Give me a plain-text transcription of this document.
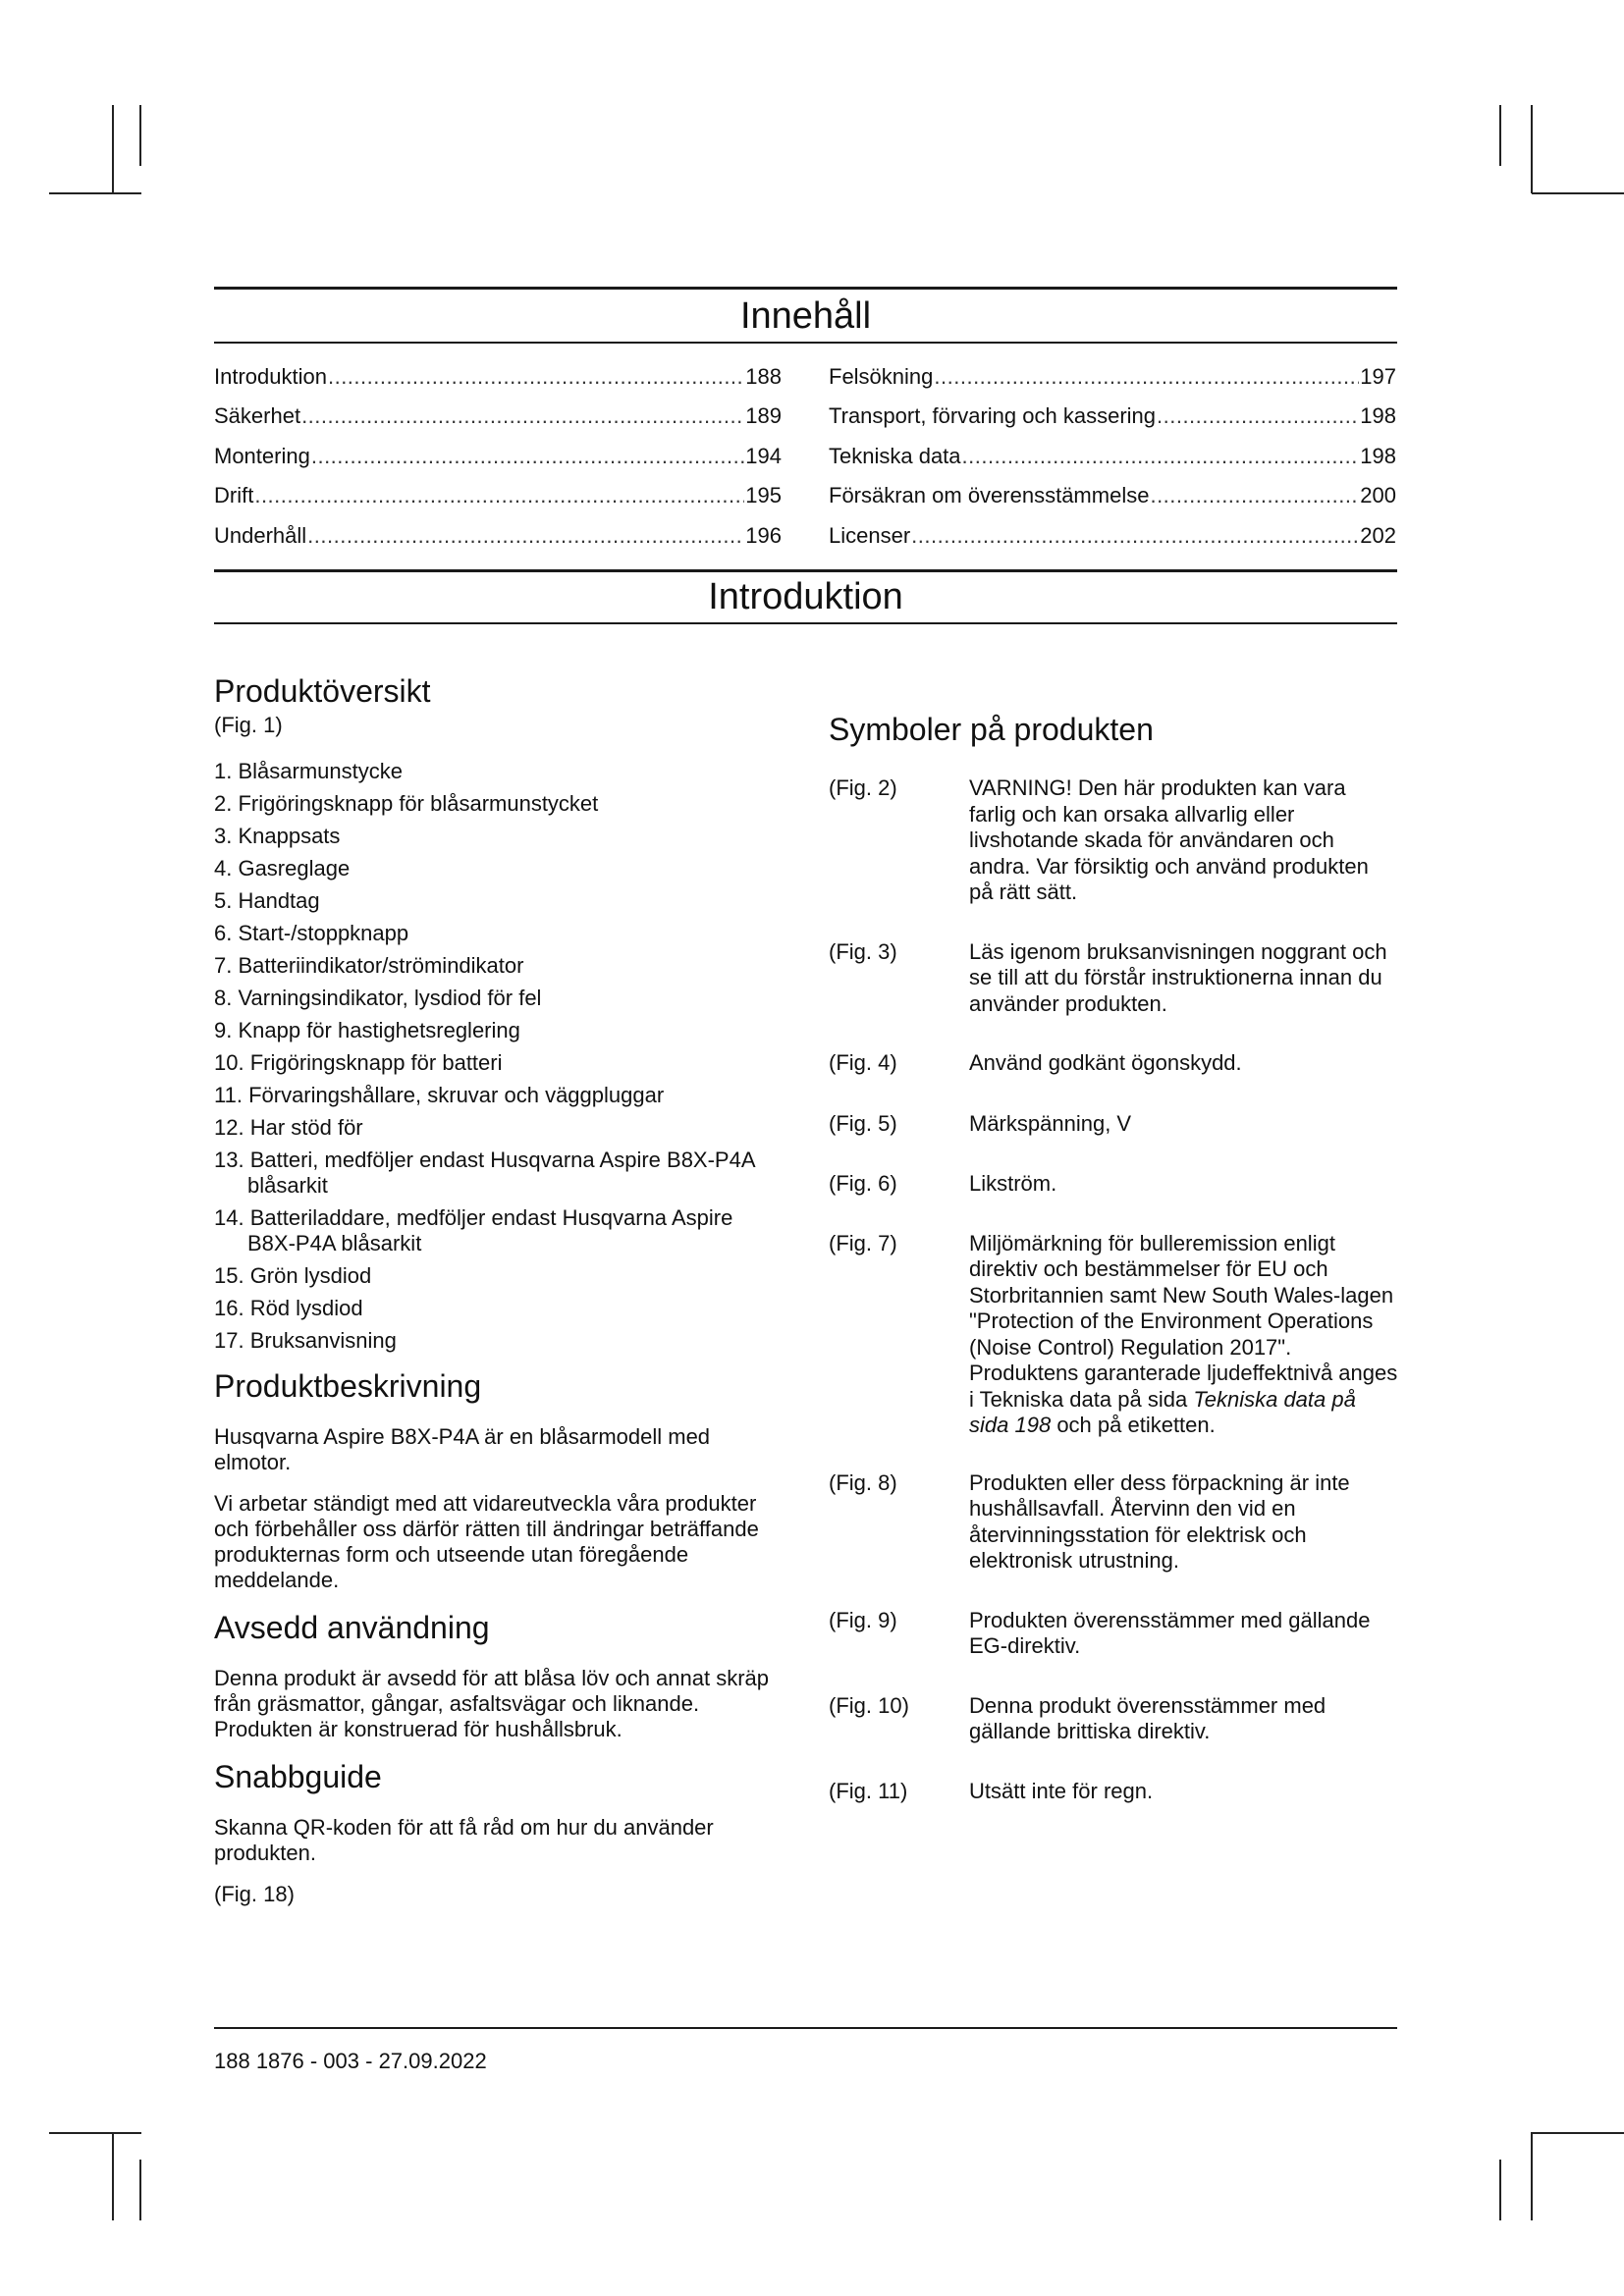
Innehåll
Introduktion .....	188
Säkerhet .....	189
Montering .....	194
Drift .....	195
Underhåll .....	196
Felsökning .....	197
Transport, förvaring och kassering .....	198
Tekniska data .....	198
Försäkran om överensstämmelse .....	200
Licenser .....	202
Introduktion
Produktöversikt
(Fig. 1)
1. Blåsarmunstycke
2. Frigöringsknapp för blåsarmunstycket
3. Knappsats
4. Gasreglage
5. Handtag
6. Start-/stoppknapp
7. Batteriindikator/strömindikator
8. Varningsindikator, lysdiod för fel
9. Knapp för hastighetsreglering
10. Frigöringsknapp för batteri
11. Förvaringshållare, skruvar och väggpluggar
12. Har stöd för
13. Batteri, medföljer endast Husqvarna Aspire B8X-P4A blåsarkit
14. Batteriladdare, medföljer endast Husqvarna Aspire B8X-P4A blåsarkit
15. Grön lysdiod
16. Röd lysdiod
17. Bruksanvisning
Produktbeskrivning

Husqvarna Aspire B8X-P4A är en blåsarmodell med elmotor.

Vi arbetar ständigt med att vidareutveckla våra produkter och förbehåller oss därför rätten till ändringar beträffande produkternas form och utseende utan föregående meddelande.

Avsedd användning

Denna produkt är avsedd för att blåsa löv och annat skräp från gräsmattor, gångar, asfaltsvägar och liknande. Produkten är konstruerad för hushållsbruk.

Snabbguide

Skanna QR-koden för att få råd om hur du använder produkten.

(Fig. 18)

Symboler på produkten
(Fig. 2)	VARNING! Den här produkten kan vara farlig och kan orsaka allvarlig eller livshotande skada för användaren och andra. Var försiktig och använd produkten på rätt sätt.
(Fig. 3)	Läs igenom bruksanvisningen noggrant och se till att du förstår instruktionerna innan du använder produkten.
(Fig. 4)	Använd godkänt ögonskydd.
(Fig. 5)	Märkspänning, V
(Fig. 6)	Likström.
(Fig. 7)	Miljömärkning för bulleremission enligt direktiv och bestämmelser för EU och Storbritannien samt New South Wales-lagen "Protection of the Environment Operations (Noise Control) Regulation 2017". Produktens garanterade ljudeffektnivå anges i Tekniska data på sida Tekniska data på sida 198 och på etiketten.
(Fig. 8)	Produkten eller dess förpackning är inte hushållsavfall. Återvinn den vid en återvinningsstation för elektrisk och elektronisk utrustning.
(Fig. 9)	Produkten överensstämmer med gällande EG-direktiv.
(Fig. 10)	Denna produkt överensstämmer med gällande brittiska direktiv.
(Fig. 11)	Utsätt inte för regn.
188 1876 - 003 - 27.09.2022
